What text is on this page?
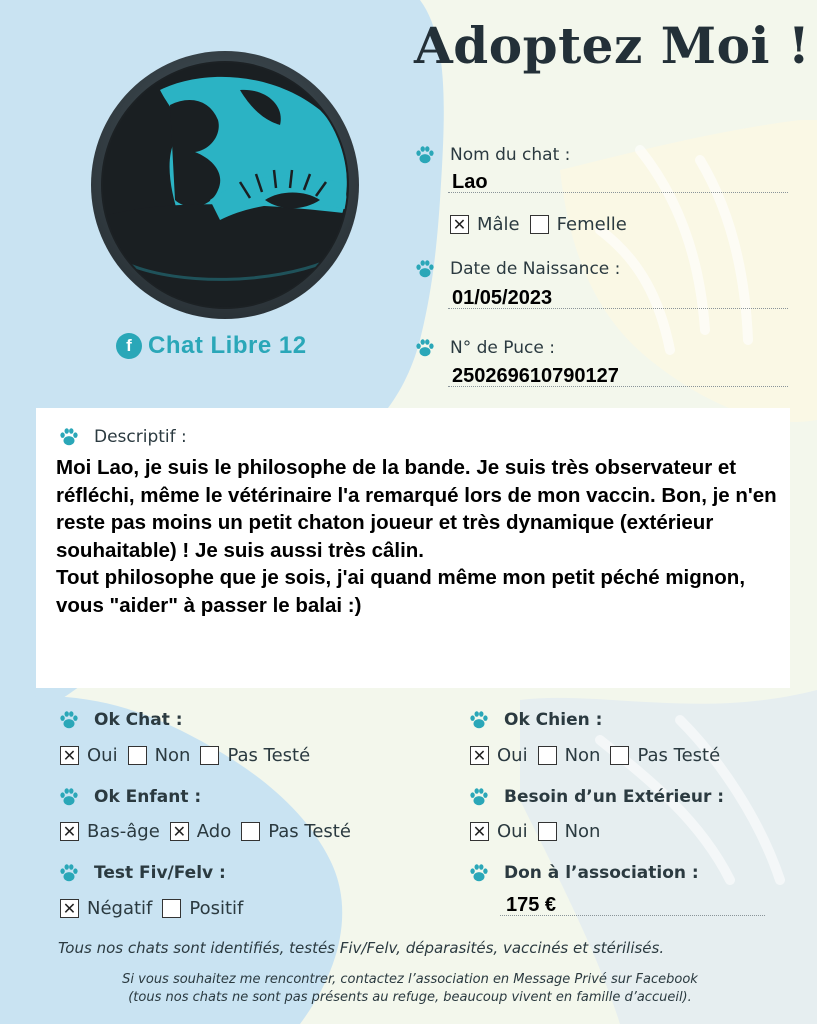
Adoptez Moi !
f Chat Libre 12
Nom du chat :
Lao
✕ Mâle Femelle
Date de Naissance :
01/05/2023
N° de Puce :
250269610790127
Descriptif :
Moi Lao, je suis le philosophe de la bande. Je suis très observateur et réfléchi, même le vétérinaire l'a remarqué lors de mon vaccin. Bon, je n'en reste pas moins un petit chaton joueur et très dynamique (extérieur souhaitable) ! Je suis aussi très câlin.
Tout philosophe que je sois, j'ai quand même mon petit péché mignon, vous "aider" à passer le balai :)
Ok Chat :
✕ Oui Non Pas Testé
Ok Chien :
✕ Oui Non Pas Testé
Ok Enfant :
✕ Bas-âge ✕ Ado Pas Testé
Besoin d’un Extérieur :
✕ Oui Non
Test Fiv/Felv :
✕ Négatif Positif
Don à l’association :
175 €
Tous nos chats sont identifiés, testés Fiv/Felv, déparasités, vaccinés et stérilisés.
Si vous souhaitez me rencontrer, contactez l’association en Message Privé sur Facebook
(tous nos chats ne sont pas présents au refuge, beaucoup vivent en famille d’accueil).
